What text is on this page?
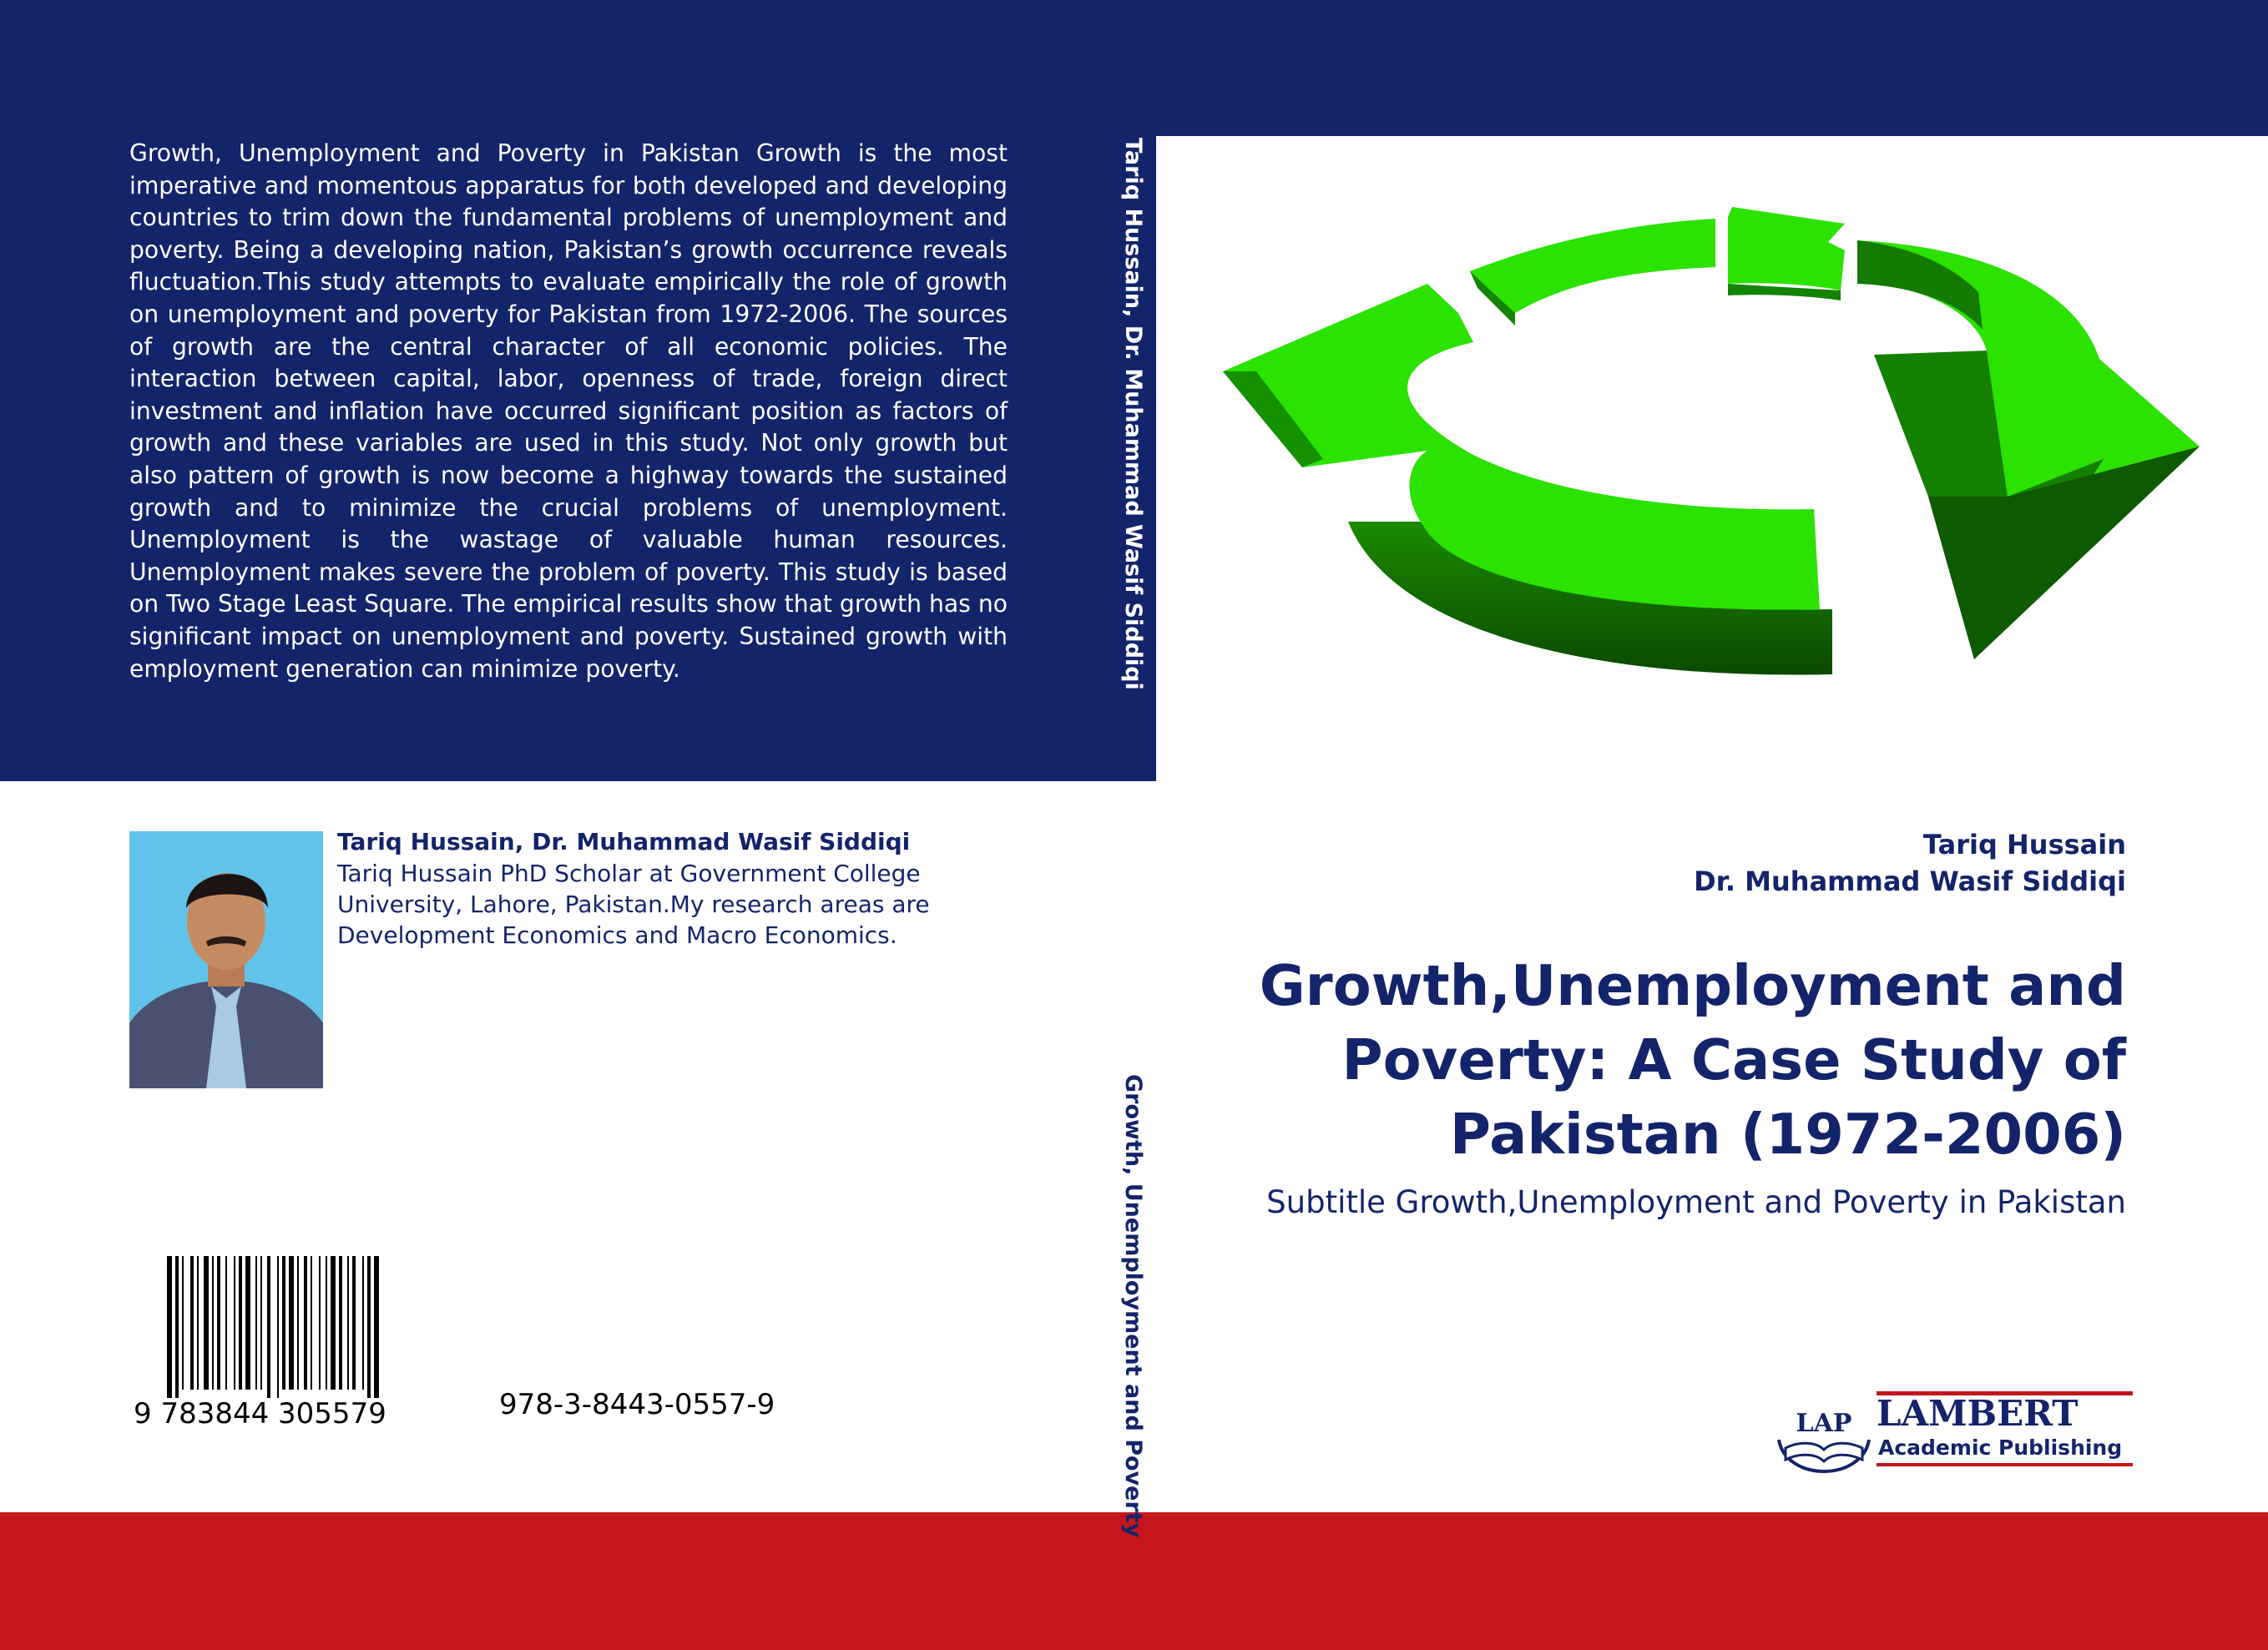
Growth, Unemployment and Poverty in Pakistan Growth is the most imperative and momentous apparatus for both developed and developing countries to trim down the fundamental problems of unemployment and poverty. Being a developing nation, Pakistan’s growth occurrence reveals fluctuation.This study attempts to evaluate empirically the role of growth on unemployment and poverty for Pakistan from 1972-2006. The sources of growth are the central character of all economic policies. The interaction between capital, labor, openness of trade, foreign direct investment and inflation have occurred significant position as factors of growth and these variables are used in this study. Not only growth but also pattern of growth is now become a highway towards the sustained growth and to minimize the crucial problems of unemployment. Unemployment is the wastage of valuable human resources. Unemployment makes severe the problem of poverty. This study is based on Two Stage Least Square. The empirical results show that growth has no significant impact on unemployment and poverty. Sustained growth with employment generation can minimize poverty.	Tariq Hussain, Dr. Muhammad Wasif Siddiqi
Growth, Unemployment and Poverty
Tariq Hussain, Dr. Muhammad Wasif Siddiqi
Tariq Hussain PhD Scholar at Government College University, Lahore, Pakistan.My research areas are Development Economics and Macro Economics.
9 783844 305579	978-3-8443-0557-9
Tariq Hussain
Dr. Muhammad Wasif Siddiqi
Growth,Unemployment and Poverty: A Case Study of Pakistan (1972-2006)
Subtitle Growth,Unemployment and Poverty in Pakistan
LAP LAMBERT
Academic Publishing
